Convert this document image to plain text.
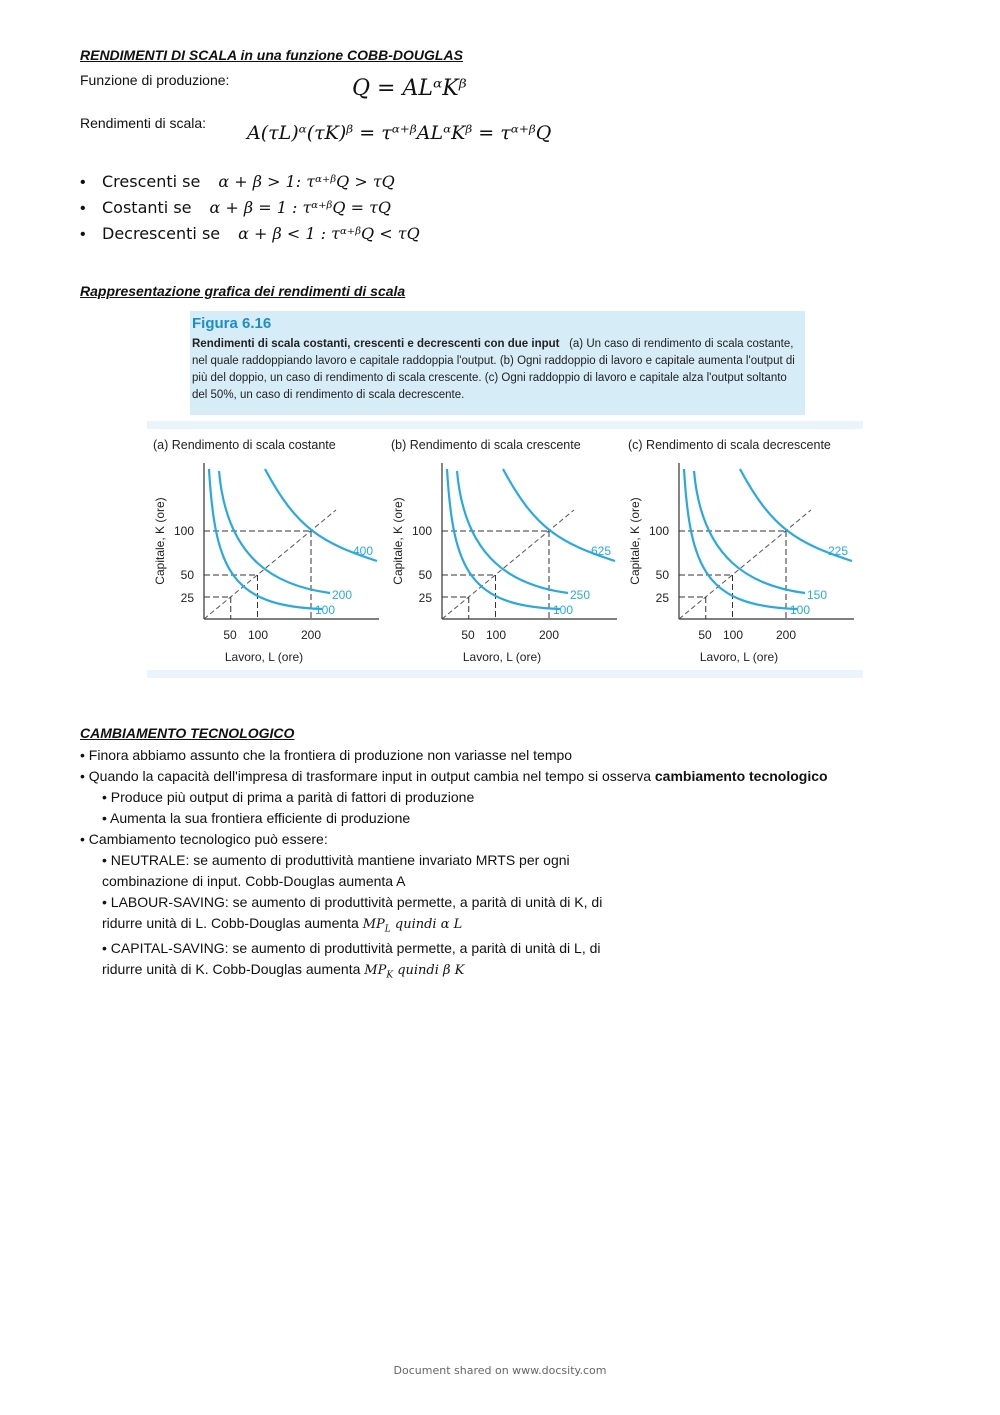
RENDIMENTI DI SCALA in una funzione COBB-DOUGLAS
Funzione di produzione:	Q = ALᵅKᵝ
Rendimenti di scala: A(τL)ᵅ(τK)ᵝ = τᵅ⁺ᵝALᵅKᵝ = τᵅ⁺ᵝQ
•	Crescenti se α + β > 1: τᵅ⁺ᵝQ > τQ
•	Costanti se α + β = 1 : τᵅ⁺ᵝQ = τQ
•	Decrescenti se α + β < 1 : τᵅ⁺ᵝQ < τQ
Rappresentazione grafica dei rendimenti di scala
Figura 6.16
Rendimenti di scala costanti, crescenti e decrescenti con due input (a) Un caso di rendimento di scala costante, nel quale raddoppiando lavoro e capitale raddoppia l'output. (b) Ogni raddoppio di lavoro e capitale aumenta l'output di più del doppio, un caso di rendimento di scala crescente. (c) Ogni raddoppio di lavoro e capitale alza l'output soltanto del 50%, un caso di rendimento di scala decrescente.
(a) Rendimento di scala costante
25
50
100
50 100	200
Lavoro, L (ore)
Capitale, K (ore)
100
200
400
(b) Rendimento di scala crescente
25
50
100
50 100	200
Lavoro, L (ore)
Capitale, K (ore)
100
250
625
(c) Rendimento di scala decrescente
25
50
100
50 100	200
Lavoro, L (ore)
Capitale, K (ore)
100
150
225
CAMBIAMENTO TECNOLOGICO
• Finora abbiamo assunto che la frontiera di produzione non variasse nel tempo
• Quando la capacità dell'impresa di trasformare input in output cambia nel tempo si osserva cambiamento tecnologico
• Produce più output di prima a parità di fattori di produzione
• Aumenta la sua frontiera efficiente di produzione
• Cambiamento tecnologico può essere:
• NEUTRALE: se aumento di produttività mantiene invariato MRTS per ogni
combinazione di input. Cobb-Douglas aumenta A
• LABOUR-SAVING: se aumento di produttività permette, a parità di unità di K, di
ridurre unità di L. Cobb-Douglas aumenta $MP_L$ quindi α L
• CAPITAL-SAVING: se aumento di produttività permette, a parità di unità di L, di
ridurre unità di K. Cobb-Douglas aumenta $MP_K$ quindi β K
Document shared on www.docsity.com
